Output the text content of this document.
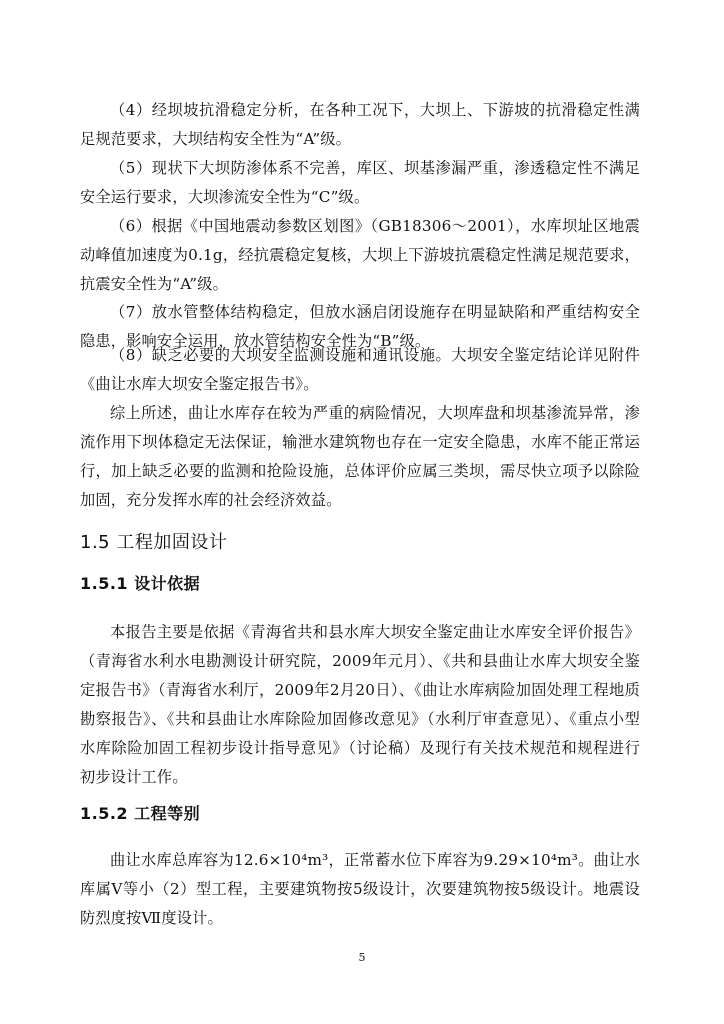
（4）经坝坡抗滑稳定分析，在各种工况下，大坝上、下游坡的抗滑稳定性满足规范要求，大坝结构安全性为“A”级。

（5）现状下大坝防渗体系不完善，库区、坝基渗漏严重，渗透稳定性不满足安全运行要求，大坝渗流安全性为“C”级。

（6）根据《中国地震动参数区划图》（GB18306～2001），水库坝址区地震动峰值加速度为0.1g，经抗震稳定复核，大坝上下游坡抗震稳定性满足规范要求，抗震安全性为“A”级。

（7）放水管整体结构稳定，但放水涵启闭设施存在明显缺陷和严重结构安全隐患，影响安全运用，放水管结构安全性为“B”级。

（8）缺乏必要的大坝安全监测设施和通讯设施。大坝安全鉴定结论详见附件《曲让水库大坝安全鉴定报告书》。

综上所述，曲让水库存在较为严重的病险情况，大坝库盘和坝基渗流异常，渗流作用下坝体稳定无法保证，输泄水建筑物也存在一定安全隐患，水库不能正常运行，加上缺乏必要的监测和抢险设施，总体评价应属三类坝，需尽快立项予以除险加固，充分发挥水库的社会经济效益。

1.5 工程加固设计
1.5.1 设计依据

本报告主要是依据《青海省共和县水库大坝安全鉴定曲让水库安全评价报告》（青海省水利水电勘测设计研究院，2009年元月）、《共和县曲让水库大坝安全鉴定报告书》（青海省水利厅，2009年2月20日）、《曲让水库病险加固处理工程地质勘察报告》、《共和县曲让水库除险加固修改意见》（水利厅审查意见）、《重点小型水库除险加固工程初步设计指导意见》（讨论稿）及现行有关技术规范和规程进行初步设计工作。

1.5.2 工程等别

曲让水库总库容为12.6×10⁴m³，正常蓄水位下库容为9.29×10⁴m³。曲让水库属Ⅴ等小（2）型工程，主要建筑物按5级设计，次要建筑物按5级设计。地震设防烈度按Ⅶ度设计。

5
